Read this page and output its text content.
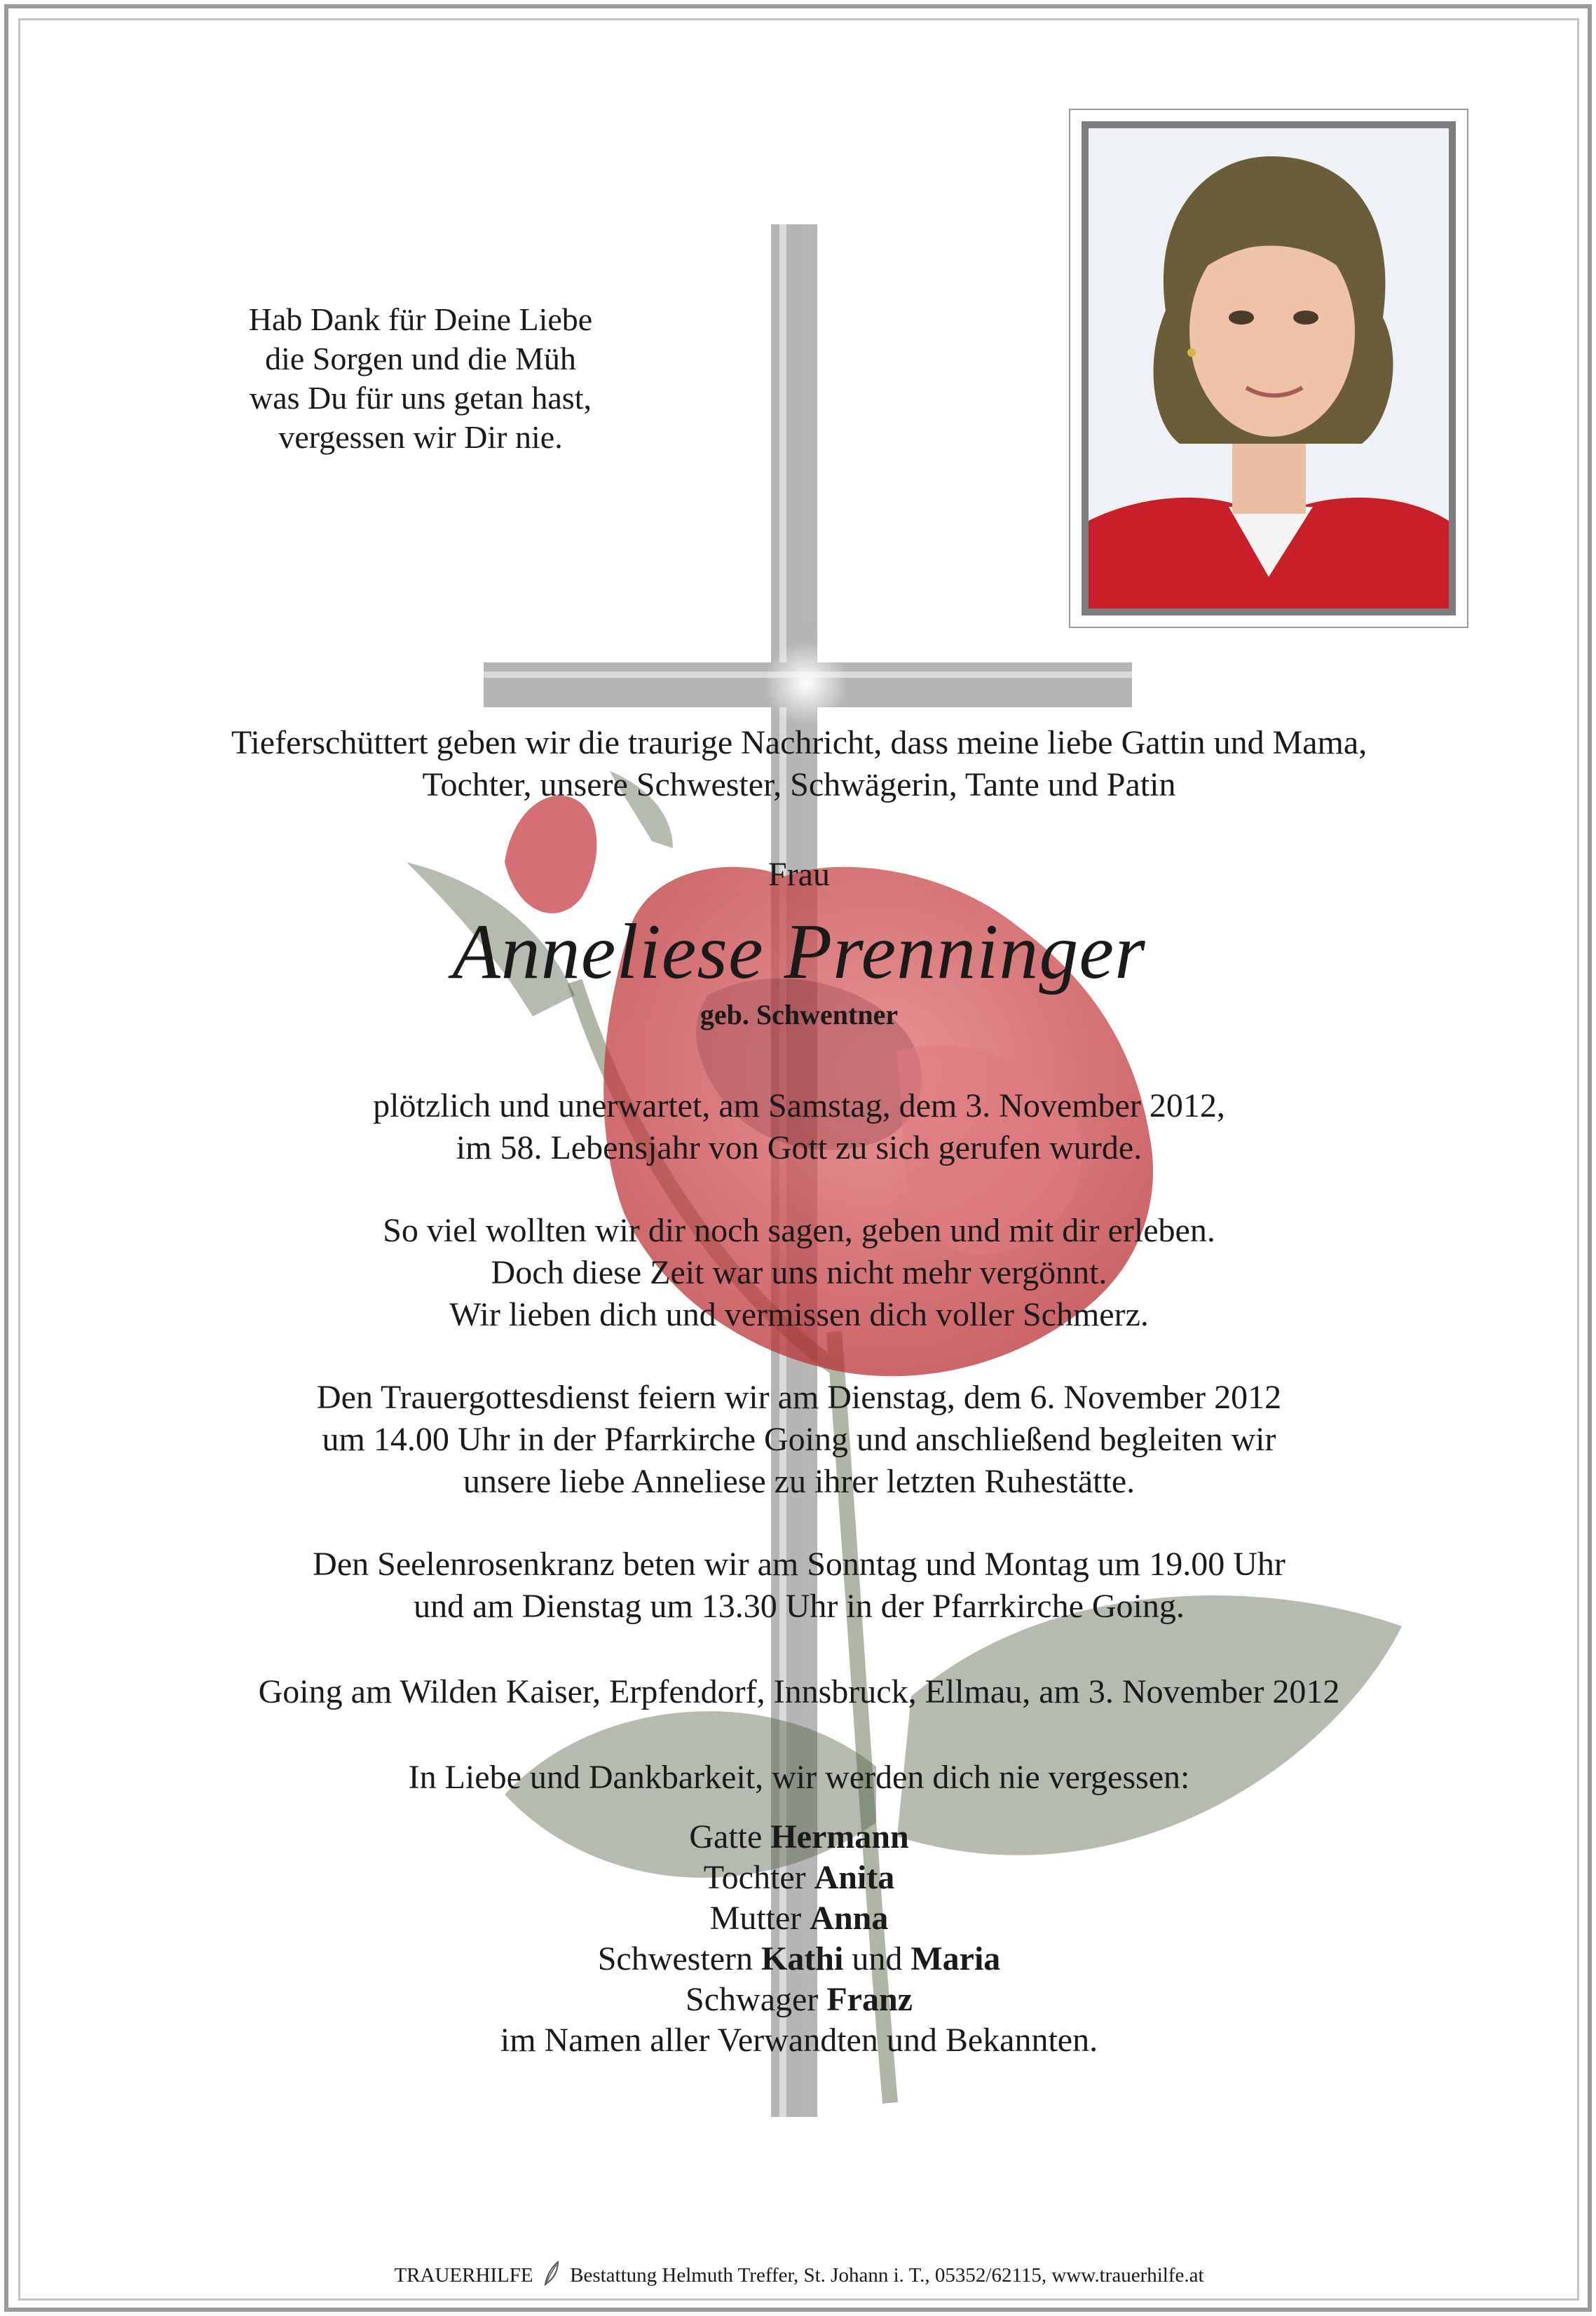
Hab Dank für Deine Liebe
die Sorgen und die Müh
was Du für uns getan hast,
vergessen wir Dir nie.
Tieferschüttert geben wir die traurige Nachricht, dass meine liebe Gattin und Mama,
Tochter, unsere Schwester, Schwägerin, Tante und Patin
Frau
Anneliese Prenninger
geb. Schwentner
plötzlich und unerwartet, am Samstag, dem 3. November 2012,
im 58. Lebensjahr von Gott zu sich gerufen wurde.
So viel wollten wir dir noch sagen, geben und mit dir erleben.
Doch diese Zeit war uns nicht mehr vergönnt.
Wir lieben dich und vermissen dich voller Schmerz.
Den Trauergottesdienst feiern wir am Dienstag, dem 6. November 2012
um 14.00 Uhr in der Pfarrkirche Going und anschließend begleiten wir
unsere liebe Anneliese zu ihrer letzten Ruhestätte.
Den Seelenrosenkranz beten wir am Sonntag und Montag um 19.00 Uhr
und am Dienstag um 13.30 Uhr in der Pfarrkirche Going.
Going am Wilden Kaiser, Erpfendorf, Innsbruck, Ellmau, am 3. November 2012
In Liebe und Dankbarkeit, wir werden dich nie vergessen:
Gatte Hermann
Tochter Anita
Mutter Anna
Schwestern Kathi und Maria
Schwager Franz
im Namen aller Verwandten und Bekannten.
TRAUERHILFE Bestattung Helmuth Treffer, St. Johann i. T., 05352/62115, www.trauerhilfe.at
